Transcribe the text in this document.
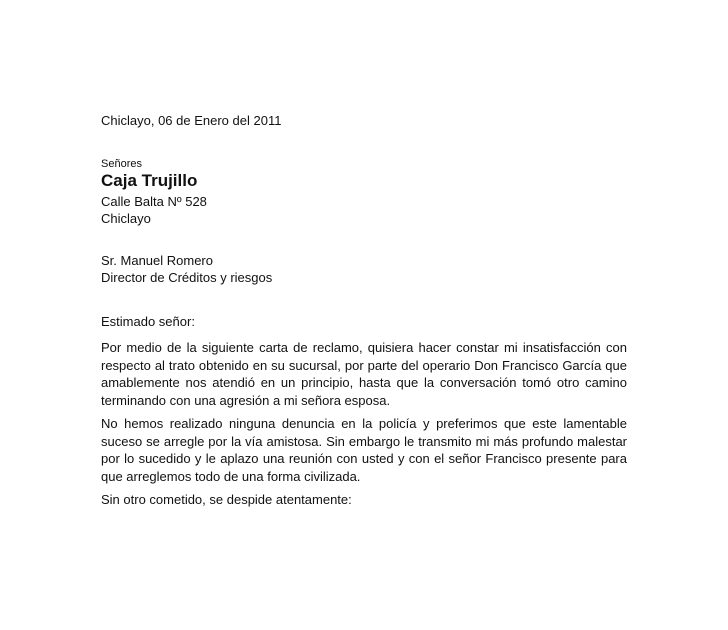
Chiclayo, 06 de Enero del 2011

Señores

Caja Trujillo

Calle Balta Nº 528

Chiclayo

Sr. Manuel Romero

Director de Créditos y riesgos

Estimado señor:

Por medio de la siguiente carta de reclamo, quisiera hacer constar mi insatisfacción con respecto al trato obtenido en su sucursal, por parte del operario Don Francisco García que amablemente nos atendió en un principio, hasta que la conversación tomó otro camino terminando con una agresión a mi señora esposa.

No hemos realizado ninguna denuncia en la policía y preferimos que este lamentable suceso se arregle por la vía amistosa. Sin embargo le transmito mi más profundo malestar por lo sucedido y le aplazo una reunión con usted y con el señor Francisco presente para que arreglemos todo de una forma civilizada.

Sin otro cometido, se despide atentamente:
